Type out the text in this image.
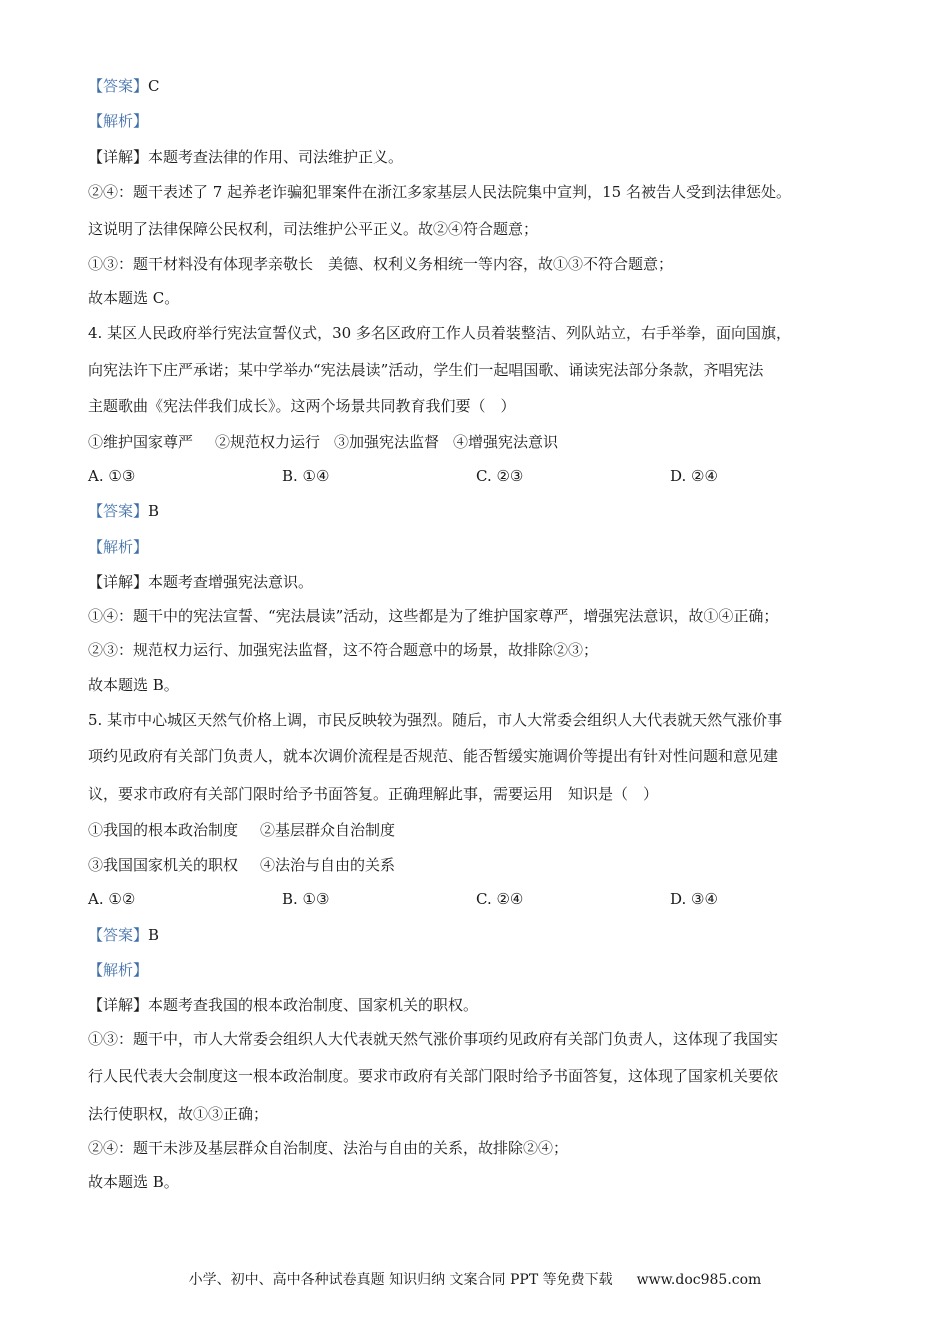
【答案】C
【解析】
【详解】本题考查法律的作用、司法维护正义。
②④：题干表述了 7 起养老诈骗犯罪案件在浙江多家基层人民法院集中宣判，15 名被告人受到法律惩处。
这说明了法律保障公民权利，司法维护公平正义。故②④符合题意；
①③：题干材料没有体现孝亲敬长　美德、权利义务相统一等内容，故①③不符合题意；
故本题选 C。
4. 某区人民政府举行宪法宣誓仪式，30 多名区政府工作人员着装整洁、列队站立，右手举拳，面向国旗，
向宪法许下庄严承诺；某中学举办“宪法晨读”活动，学生们一起唱国歌、诵读宪法部分条款，齐唱宪法
主题歌曲《宪法伴我们成长》。这两个场景共同教育我们要（　）
①维护国家尊严 ②规范权力运行 ③加强宪法监督 ④增强宪法意识
A. ①③	B. ①④	C. ②③	D. ②④
【答案】B
【解析】
【详解】本题考查增强宪法意识。
①④：题干中的宪法宣誓、“宪法晨读”活动，这些都是为了维护国家尊严，增强宪法意识，故①④正确；
②③：规范权力运行、加强宪法监督，这不符合题意中的场景，故排除②③；
故本题选 B。
5. 某市中心城区天然气价格上调，市民反映较为强烈。随后，市人大常委会组织人大代表就天然气涨价事
项约见政府有关部门负责人，就本次调价流程是否规范、能否暂缓实施调价等提出有针对性问题和意见建
议，要求市政府有关部门限时给予书面答复。正确理解此事，需要运用　知识是（　）
①我国的根本政治制度 ②基层群众自治制度
③我国国家机关的职权 ④法治与自由的关系
A. ①②	B. ①③	C. ②④	D. ③④
【答案】B
【解析】
【详解】本题考查我国的根本政治制度、国家机关的职权。
①③：题干中，市人大常委会组织人大代表就天然气涨价事项约见政府有关部门负责人，这体现了我国实
行人民代表大会制度这一根本政治制度。要求市政府有关部门限时给予书面答复，这体现了国家机关要依
法行使职权，故①③正确；
②④：题干未涉及基层群众自治制度、法治与自由的关系，故排除②④；
故本题选 B。
小学、初中、高中各种试卷真题 知识归纳 文案合同 PPT 等免费下载 www.doc985.com
